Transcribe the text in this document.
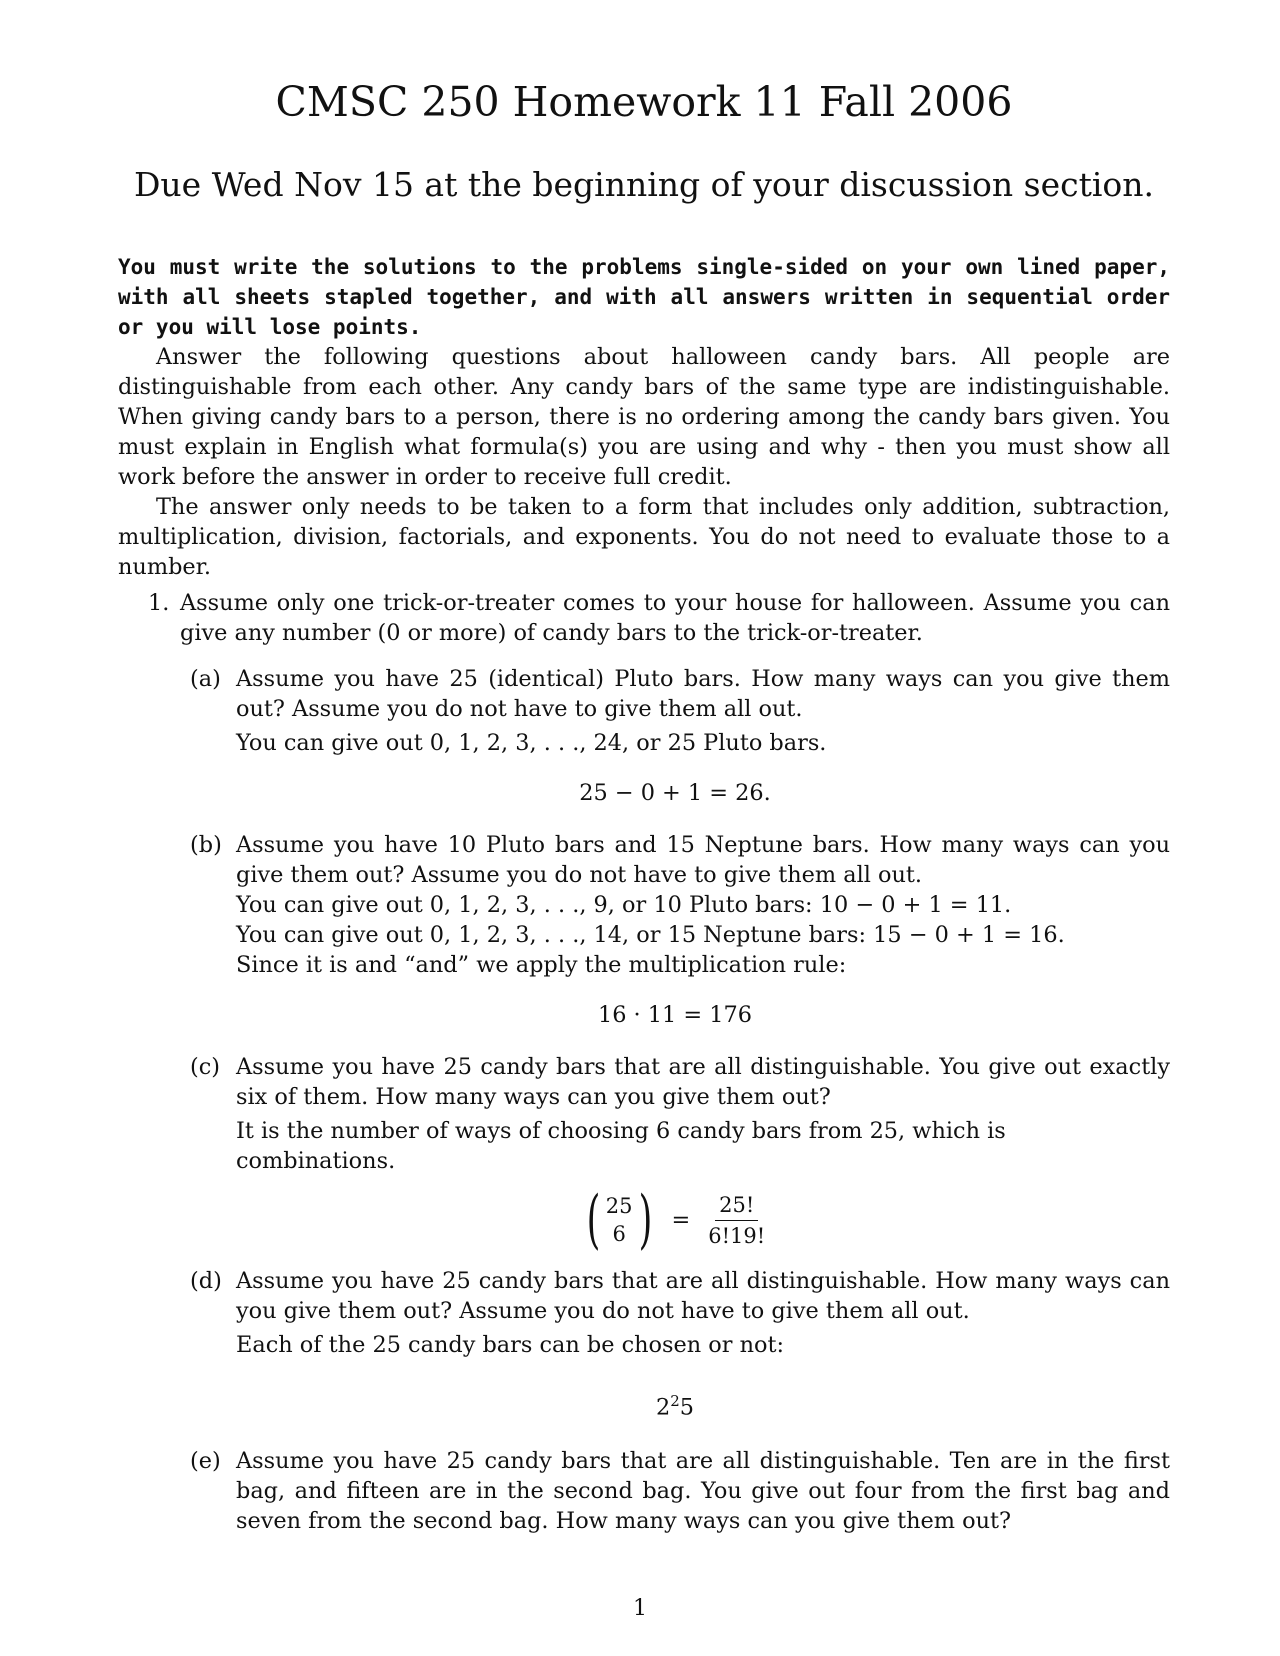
CMSC 250 Homework 11 Fall 2006
Due Wed Nov 15 at the beginning of your discussion section.

You must write the solutions to the problems single-sided on your own lined paper, with all sheets stapled together, and with all answers written in sequential order or you will lose points.

Answer the following questions about halloween candy bars. All people are distinguishable from each other. Any candy bars of the same type are indistinguishable. When giving candy bars to a person, there is no ordering among the candy bars given. You must explain in English what formula(s) you are using and why - then you must show all work before the answer in order to receive full credit.

The answer only needs to be taken to a form that includes only addition, subtraction, multiplication, division, factorials, and exponents. You do not need to evaluate those to a number.

1. Assume only one trick-or-treater comes to your house for halloween. Assume you can give any number (0 or more) of candy bars to the trick-or-treater.
(a) Assume you have 25 (identical) Pluto bars. How many ways can you give them out? Assume you do not have to give them all out.
You can give out 0, 1, 2, 3, . . ., 24, or 25 Pluto bars.
25 − 0 + 1 = 26.
(b) Assume you have 10 Pluto bars and 15 Neptune bars. How many ways can you give them out? Assume you do not have to give them all out.
You can give out 0, 1, 2, 3, . . ., 9, or 10 Pluto bars: 10 − 0 + 1 = 11.
You can give out 0, 1, 2, 3, . . ., 14, or 15 Neptune bars: 15 − 0 + 1 = 16.
Since it is and “and” we apply the multiplication rule:
16 · 11 = 176
(c) Assume you have 25 candy bars that are all distinguishable. You give out exactly six of them. How many ways can you give them out?
It is the number of ways of choosing 6 candy bars from 25, which is combinations.
( 25
6 ) = $\frac{25!}{6!19!}$
(d) Assume you have 25 candy bars that are all distinguishable. How many ways can you give them out? Assume you do not have to give them all out.
Each of the 25 candy bars can be chosen or not:
$2^25$
(e) Assume you have 25 candy bars that are all distinguishable. Ten are in the first bag, and fifteen are in the second bag. You give out four from the first bag and seven from the second bag. How many ways can you give them out?
1
